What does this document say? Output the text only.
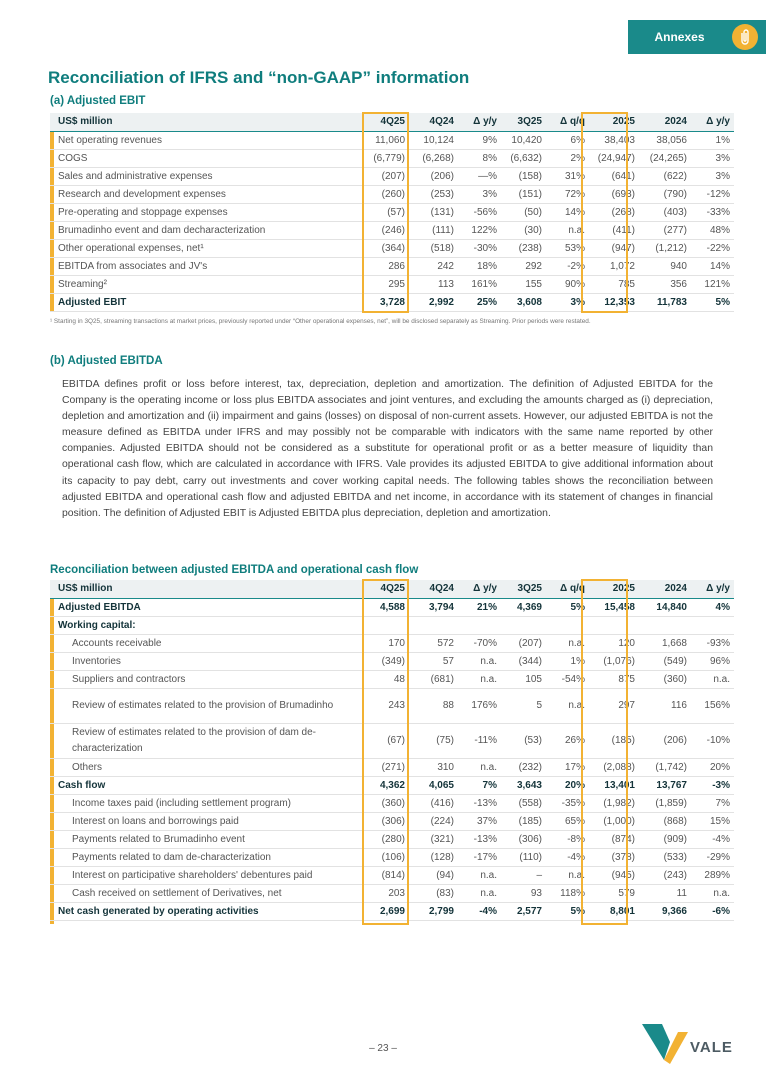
Annexes
Reconciliation of IFRS and “non-GAAP” information
(a) Adjusted EBIT
US$ million	4Q25	4Q24	Δ y/y	3Q25	Δ q/q	2025	2024	Δ y/y
Net operating revenues	11,060	10,124	9%	10,420	6%	38,403	38,056	1%
COGS	(6,779)	(6,268)	8%	(6,632)	2%	(24,947)	(24,265)	3%
Sales and administrative expenses	(207)	(206)	—%	(158)	31%	(641)	(622)	3%
Research and development expenses	(260)	(253)	3%	(151)	72%	(693)	(790)	-12%
Pre-operating and stoppage expenses	(57)	(131)	-56%	(50)	14%	(268)	(403)	-33%
Brumadinho event and dam decharacterization	(246)	(111)	122%	(30)	n.a.	(411)	(277)	48%
Other operational expenses, net¹	(364)	(518)	-30%	(238)	53%	(947)	(1,212)	-22%
EBITDA from associates and JV's	286	242	18%	292	-2%	1,072	940	14%
Streaming²	295	113	161%	155	90%	785	356	121%
Adjusted EBIT	3,728	2,992	25%	3,608	3%	12,353	11,783	5%
¹ Starting in 3Q25, streaming transactions at market prices, previously reported under “Other operational expenses, net”, will be disclosed separately as Streaming. Prior periods were restated.
(b) Adjusted EBITDA
EBITDA defines profit or loss before interest, tax, depreciation, depletion and amortization. The definition of Adjusted EBITDA for the Company is the operating income or loss plus EBITDA associates and joint ventures, and excluding the amounts charged as (i) depreciation, depletion and amortization and (ii) impairment and gains (losses) on disposal of non-current assets. However, our adjusted EBITDA is not the measure defined as EBITDA under IFRS and may possibly not be comparable with indicators with the same name reported by other companies. Adjusted EBITDA should not be considered as a substitute for operational profit or as a better measure of liquidity than operational cash flow, which are calculated in accordance with IFRS. Vale provides its adjusted EBITDA to give additional information about its capacity to pay debt, carry out investments and cover working capital needs. The following tables shows the reconciliation between adjusted EBITDA and operational cash flow and adjusted EBITDA and net income, in accordance with its statement of changes in financial position. The definition of Adjusted EBIT is Adjusted EBITDA plus depreciation, depletion and amortization.
Reconciliation between adjusted EBITDA and operational cash flow
US$ million	4Q25	4Q24	Δ y/y	3Q25	Δ q/q	2025	2024	Δ y/y
Adjusted EBITDA	4,588	3,794	21%	4,369	5%	15,458	14,840	4%
Working capital:								
Accounts receivable	170	572	-70%	(207)	n.a.	120	1,668	-93%
Inventories	(349)	57	n.a.	(344)	1%	(1,076)	(549)	96%
Suppliers and contractors	48	(681)	n.a.	105	-54%	875	(360)	n.a.
Review of estimates related to the provision of Brumadinho	243	88	176%	5	n.a.	297	116	156%
Review of estimates related to the provision of dam de-characterization	(67)	(75)	-11%	(53)	26%	(185)	(206)	-10%
Others	(271)	310	n.a.	(232)	17%	(2,088)	(1,742)	20%
Cash flow	4,362	4,065	7%	3,643	20%	13,401	13,767	-3%
Income taxes paid (including settlement program)	(360)	(416)	-13%	(558)	-35%	(1,982)	(1,859)	7%
Interest on loans and borrowings paid	(306)	(224)	37%	(185)	65%	(1,000)	(868)	15%
Payments related to Brumadinho event	(280)	(321)	-13%	(306)	-8%	(874)	(909)	-4%
Payments related to dam de-characterization	(106)	(128)	-17%	(110)	-4%	(378)	(533)	-29%
Interest on participative shareholders' debentures paid	(814)	(94)	n.a.	–	n.a.	(945)	(243)	289%
Cash received on settlement of Derivatives, net	203	(83)	n.a.	93	118%	579	11	n.a.
Net cash generated by operating activities	2,699	2,799	-4%	2,577	5%	8,801	9,366	-6%
– 23 –	VALE
